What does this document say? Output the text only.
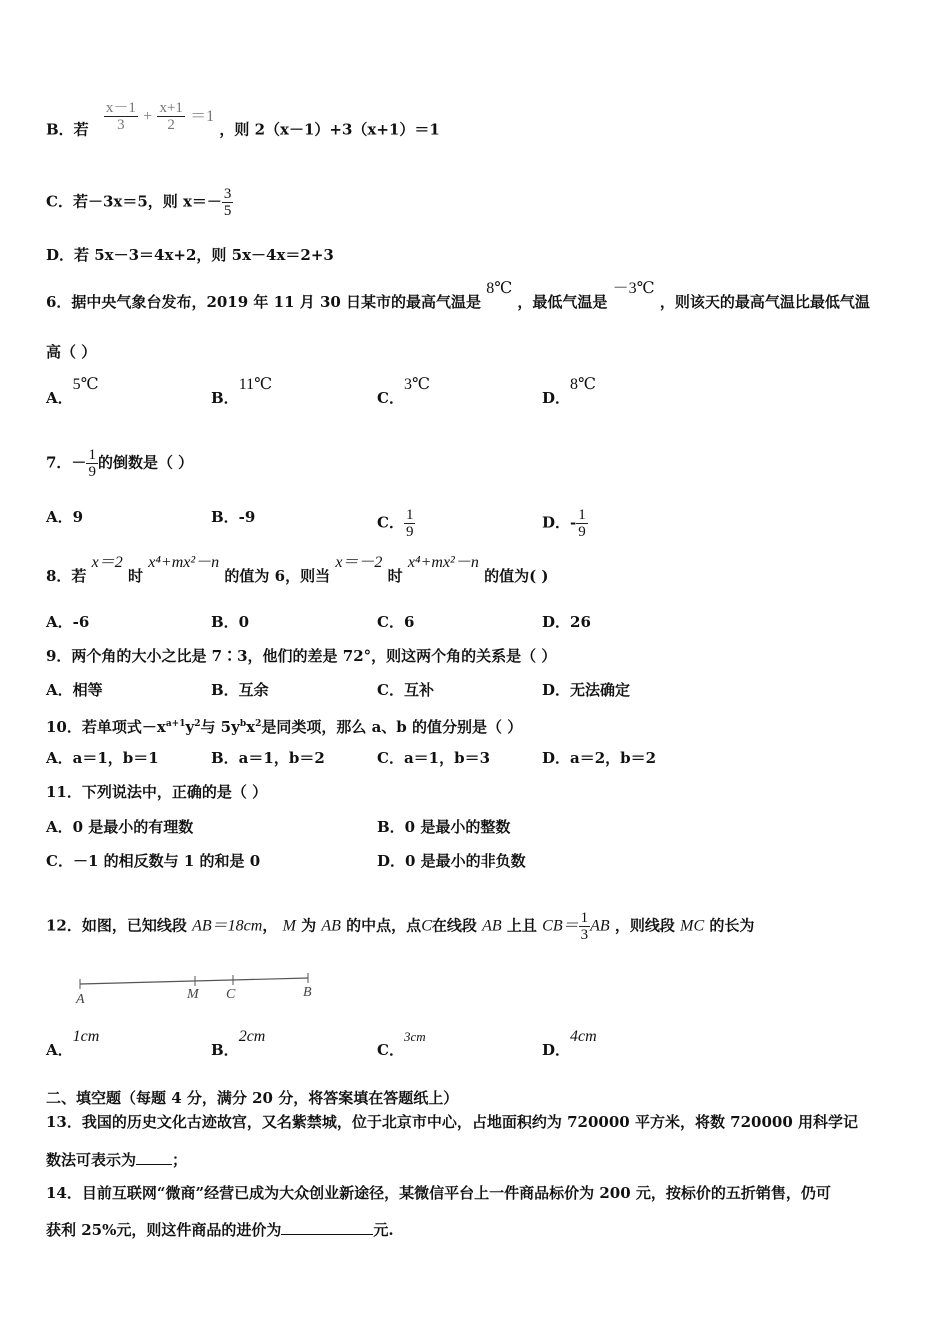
B．若 $\frac{x-1}{3} + \frac{x+1}{2} =1$ ，则 2（x－1）+3（x+1）＝1
C．若－3x＝5，则 $x=- \frac{3}{5}$
D．若 5x－3＝4x+2，则 5x－4x＝2+3
6．据中央气象台发布，2019 年 11 月 30 日某市的最高气温是 8℃ ，最低气温是 －3℃ ，则该天的最高气温比最低气温
高（ ）
A．5℃
B．11℃
C．3℃
D．8℃
7．－ $\frac{1}{9}$ 的倒数是（ ）
A．9	B．-9	C． $\frac{1}{9}$	D．- $\frac{1}{9}$
8．若 x＝2 时 x⁴+mx²－n 的值为 6，则当 x＝－2 时 x⁴+mx²－n 的值为( )
A．-6	B．0	C．6	D．26
9．两个角的大小之比是 7∶3，他们的差是 72°，则这两个角的关系是（ ）
A．相等	B．互余	C．互补	D．无法确定
10．若单项式$-x^{a+1}y^2$与 $5y^bx^2$是同类项，那么 a、b 的值分别是（ ）
A．a＝1，b＝1	B．a＝1，b＝2	C．a＝1，b＝3	D．a＝2，b＝2
11．下列说法中，正确的是（ ）
A．0 是最小的有理数	B．0 是最小的整数
C．－1 的相反数与 1 的和是 0	D．0 是最小的非负数
12．如图，已知线段 AB＝18cm， M 为 AB 的中点，点C在线段 AB 上且 $CB= \frac{1}{3}$ AB ，则线段 MC 的长为
A	M C	B
A．1cm
B．2cm
C．3cm
D．4cm
二、填空题（每题 4 分，满分 20 分，将答案填在答题纸上）
13．我国的历史文化古迹故宫，又名紫禁城，位于北京市中心，占地面积约为 720000 平方米，将数 720000 用科学记
数法可表示为 ；
14．目前互联网“微商”经营已成为大众创业新途径，某微信平台上一件商品标价为 200 元，按标价的五折销售，仍可
获利 25%元，则这件商品的进价为	元.
